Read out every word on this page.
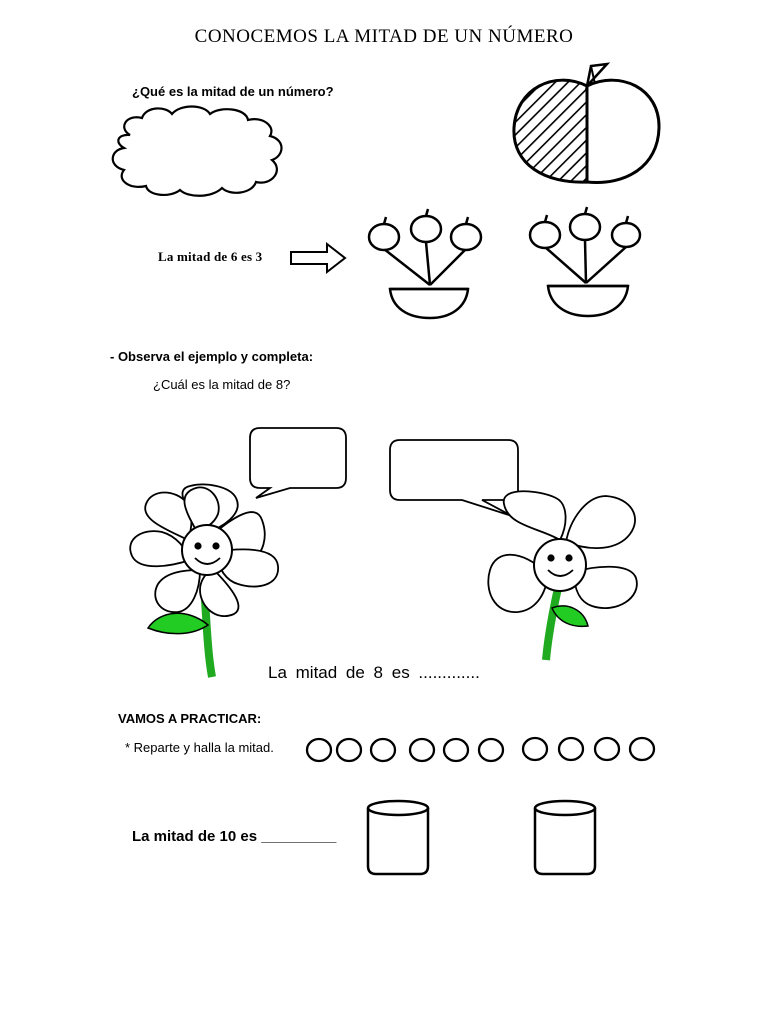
CONOCEMOS LA MITAD DE UN NÚMERO
¿Qué es la mitad de un número?
La mitad de 6 es 3
- Observa el ejemplo y completa:
¿Cuál es la mitad de 8?
La mitad de 8 es .............
VAMOS A PRACTICAR:
* Reparte y halla la mitad.
La mitad de 10 es _________
